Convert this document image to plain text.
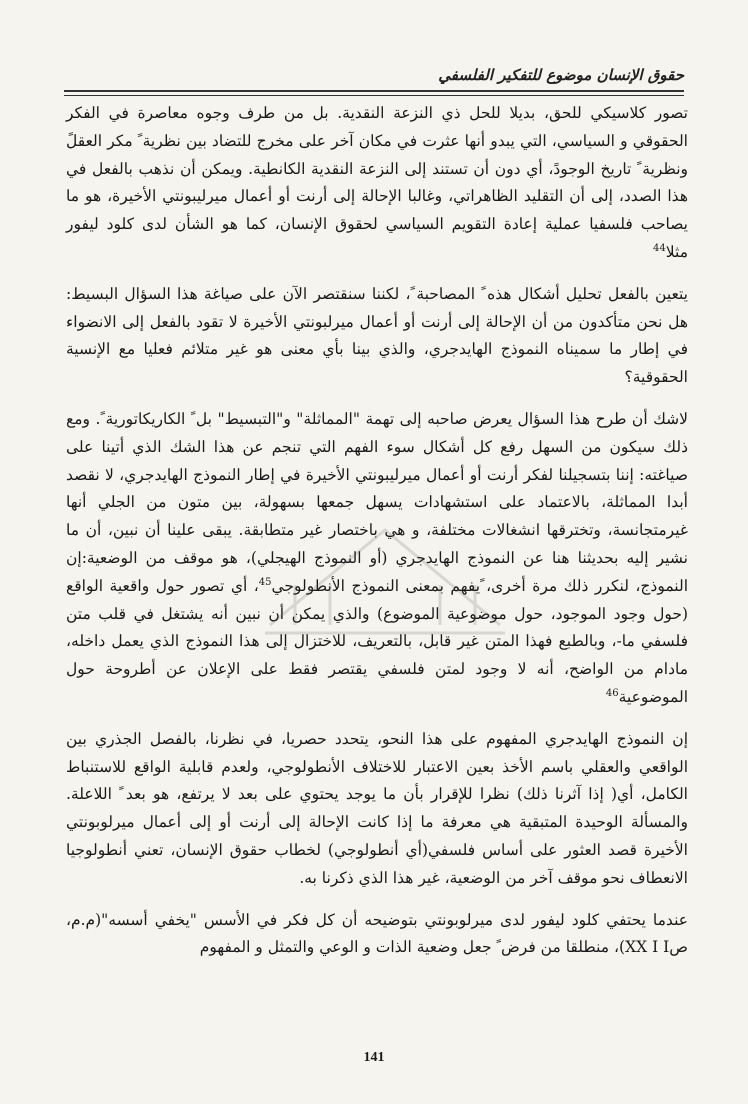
حقوق الإنسان موضوع للتفكير الفلسفي

تصور كلاسيكي للحق، بديلا للحل ذي النزعة النقدية. بل من طرف وجوه معاصرة في الفكر الحقوقي و السياسي، التي يبدو أنها عثرت في مكان آخر على مخرج للتضاد بين نظرية ً مكر العقلً ونظرية ً تاريخ الوجودً، أي دون أن تستند إلى النزعة النقدية الكانطية. ويمكن أن نذهب بالفعل في هذا الصدد، إلى أن التقليد الظاهراتي، وغالبا الإحالة إلى أرنت أو أعمال ميرليبونتي الأخيرة، هو ما يصاحب فلسفيا عملية إعادة التقويم السياسي لحقوق الإنسان، كما هو الشأن لدى كلود ليفور مثلا$^{44}$

يتعين بالفعل تحليل أشكال هذه ً المصاحبة ً، لكننا سنقتصر الآن على صياغة هذا السؤال البسيط: هل نحن متأكدون من أن الإحالة إلى أرنت أو أعمال ميرلبونتي الأخيرة لا تقود بالفعل إلى الانضواء في إطار ما سميناه النموذج الهايدجري، والذي بينا بأي معنى هو غير متلائم فعليا مع الإنسية الحقوقية؟

لاشك أن طرح هذا السؤال يعرض صاحبه إلى تهمة "المماثلة" و"التبسيط" بل ً الكاريكاتورية ً. ومع ذلك سيكون من السهل رفع كل أشكال سوء الفهم التي تنجم عن هذا الشك الذي أتينا على صياغته: إننا بتسجيلنا لفكر أرنت أو أعمال ميرليبونتي الأخيرة في إطار النموذج الهايدجري، لا نقصد أبدا المماثلة، بالاعتماد على استشهادات يسهل جمعها بسهولة، بين متون من الجلي أنها غيرمتجانسة، وتخترقها انشغالات مختلفة، و هي باختصار غير متطابقة. يبقى علينا أن نبين، أن ما نشير إليه بحديثنا هنا عن النموذج الهايدجري (أو النموذج الهيجلي)، هو موقف من الوضعية:إن النموذج، لنكرر ذلك مرة أخرى، ًيفهم بمعنى النموذج الأنطولوجي$^{45}$، أي تصور حول واقعية الواقع (حول وجود الموجود، حول موضوعية الموضوع) والذي يمكن أن نبين أنه يشتغل في قلب متن فلسفي ما-، وبالطبع فهذا المتن غير قابل، بالتعريف، للاختزال إلى هذا النموذج الذي يعمل داخله، مادام من الواضح، أنه لا وجود لمتن فلسفي يقتصر فقط على الإعلان عن أطروحة حول الموضوعية$^{46}$

إن النموذج الهايدجري المفهوم على هذا النحو، يتحدد حصريا، في نظرنا، بالفصل الجذري بين الواقعي والعقلي باسم الأخذ بعين الاعتبار للاختلاف الأنطولوجي، ولعدم قابلية الواقع للاستنباط الكامل، أي( إذا آثرنا ذلك) نظرا للإقرار بأن ما يوجد يحتوي على بعد لا يرتفع، هو بعد ً اللاعلة. والمسألة الوحيدة المتبقية هي معرفة ما إذا كانت الإحالة إلى أرنت أو إلى أعمال ميرلوبونتي الأخيرة قصد العثور على أساس فلسفي(أي أنطولوجي) لخطاب حقوق الإنسان، تعني أنطولوجيا الانعطاف نحو موقف آخر من الوضعية، غير هذا الذي ذكرنا به.

عندما يحتفي كلود ليفور لدى ميرلوبونتي بتوضيحه أن كل فكر في الأسس "يخفي أسسه"(م.م، صXX I I)، منطلقا من فرض ً جعل وضعية الذات و الوعي والتمثل و المفهوم

141
